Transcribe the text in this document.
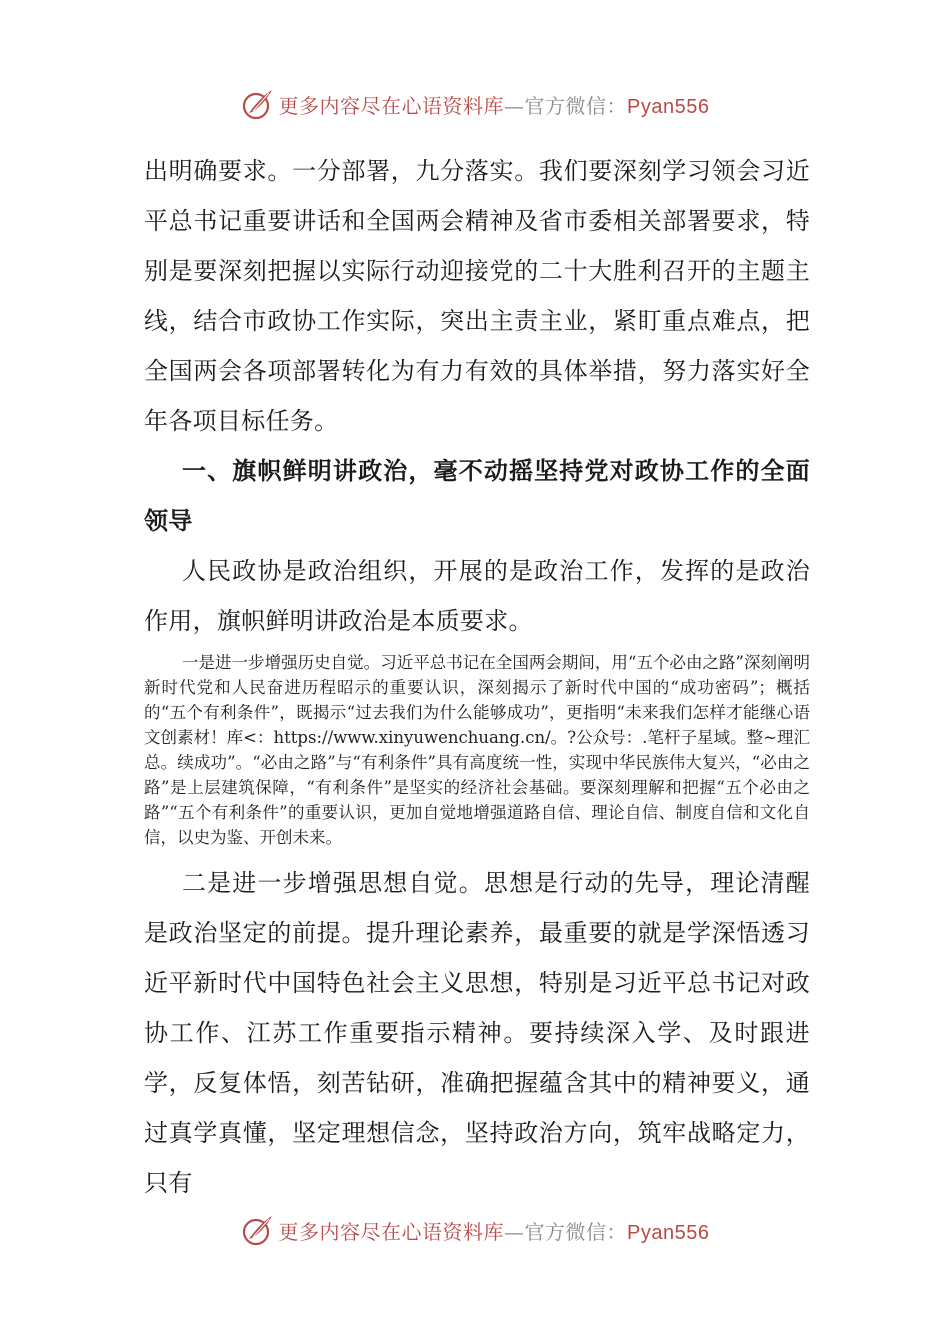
更多内容尽在心语资料库—官方微信：Pyan556

出明确要求。一分部署，九分落实。我们要深刻学习领会习近平总书记重要讲话和全国两会精神及省市委相关部署要求，特别是要深刻把握以实际行动迎接党的二十大胜利召开的主题主线，结合市政协工作实际，突出主责主业，紧盯重点难点，把全国两会各项部署转化为有力有效的具体举措，努力落实好全年各项目标任务。

一、旗帜鲜明讲政治，毫不动摇坚持党对政协工作的全面领导

人民政协是政治组织，开展的是政治工作，发挥的是政治作用，旗帜鲜明讲政治是本质要求。

一是进一步增强历史自觉。习近平总书记在全国两会期间，用“五个必由之路”深刻阐明新时代党和人民奋进历程昭示的重要认识，深刻揭示了新时代中国的“成功密码”；概括的“五个有利条件”，既揭示“过去我们为什么能够成功”，更指明“未来我们怎样才能继心语文创素材！库<：https://www.xinyuwenchuang.cn/。?公众号：.笔杆子星域。整~理汇总。续成功”。“必由之路”与“有利条件”具有高度统一性，实现中华民族伟大复兴，“必由之路”是上层建筑保障，“有利条件”是坚实的经济社会基础。要深刻理解和把握“五个必由之路”“五个有利条件”的重要认识，更加自觉地增强道路自信、理论自信、制度自信和文化自信，以史为鉴、开创未来。

二是进一步增强思想自觉。思想是行动的先导，理论清醒是政治坚定的前提。提升理论素养，最重要的就是学深悟透习近平新时代中国特色社会主义思想，特别是习近平总书记对政协工作、江苏工作重要指示精神。要持续深入学、及时跟进学，反复体悟，刻苦钻研，准确把握蕴含其中的精神要义，通过真学真懂，坚定理想信念，坚持政治方向，筑牢战略定力，只有

更多内容尽在心语资料库—官方微信：Pyan556
